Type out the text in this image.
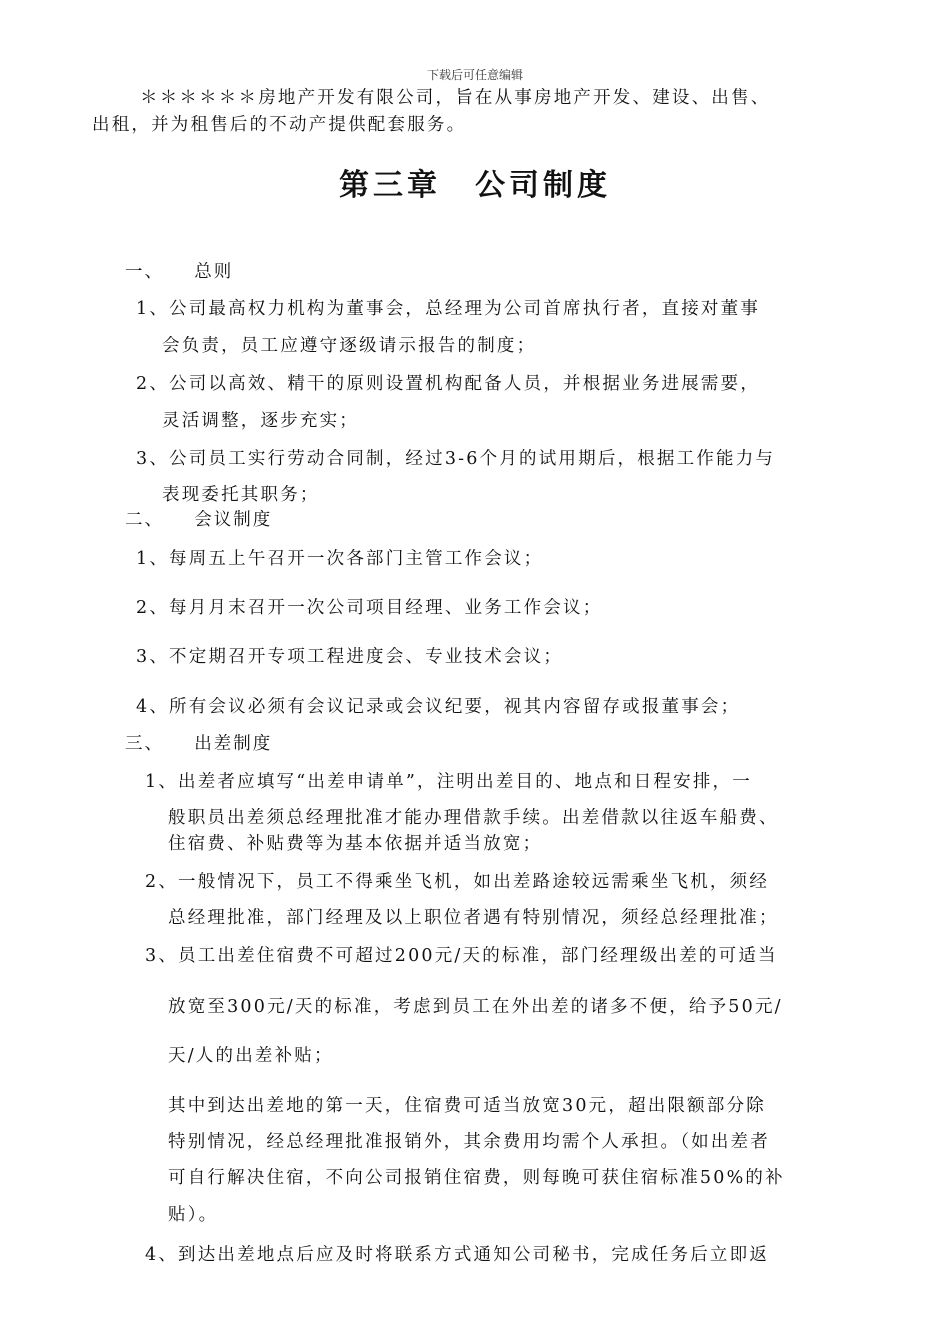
下载后可任意编辑
＊＊＊＊＊＊房地产开发有限公司，旨在从事房地产开发、建设、出售、
出租，并为租售后的不动产提供配套服务。
第三章　公司制度
一、　　总则
1、公司最高权力机构为董事会，总经理为公司首席执行者，直接对董事
会负责，员工应遵守逐级请示报告的制度；
2、公司以高效、精干的原则设置机构配备人员，并根据业务进展需要，
灵活调整，逐步充实；
3、公司员工实行劳动合同制，经过3-6个月的试用期后，根据工作能力与
表现委托其职务；
二、　　会议制度
1、每周五上午召开一次各部门主管工作会议；
2、每月月末召开一次公司项目经理、业务工作会议；
3、不定期召开专项工程进度会、专业技术会议；
4、所有会议必须有会议记录或会议纪要，视其内容留存或报董事会；
三、　　出差制度
1、出差者应填写“出差申请单”，注明出差目的、地点和日程安排，一
般职员出差须总经理批准才能办理借款手续。出差借款以往返车船费、
住宿费、补贴费等为基本依据并适当放宽；
2、一般情况下，员工不得乘坐飞机，如出差路途较远需乘坐飞机，须经
总经理批准，部门经理及以上职位者遇有特别情况，须经总经理批准；
3、员工出差住宿费不可超过200元/天的标准，部门经理级出差的可适当
放宽至300元/天的标准，考虑到员工在外出差的诸多不便，给予50元/
天/人的出差补贴；
其中到达出差地的第一天，住宿费可适当放宽30元，超出限额部分除
特别情况，经总经理批准报销外，其余费用均需个人承担。（如出差者
可自行解决住宿，不向公司报销住宿费，则每晚可获住宿标准50%的补
贴）。
4、到达出差地点后应及时将联系方式通知公司秘书，完成任务后立即返
